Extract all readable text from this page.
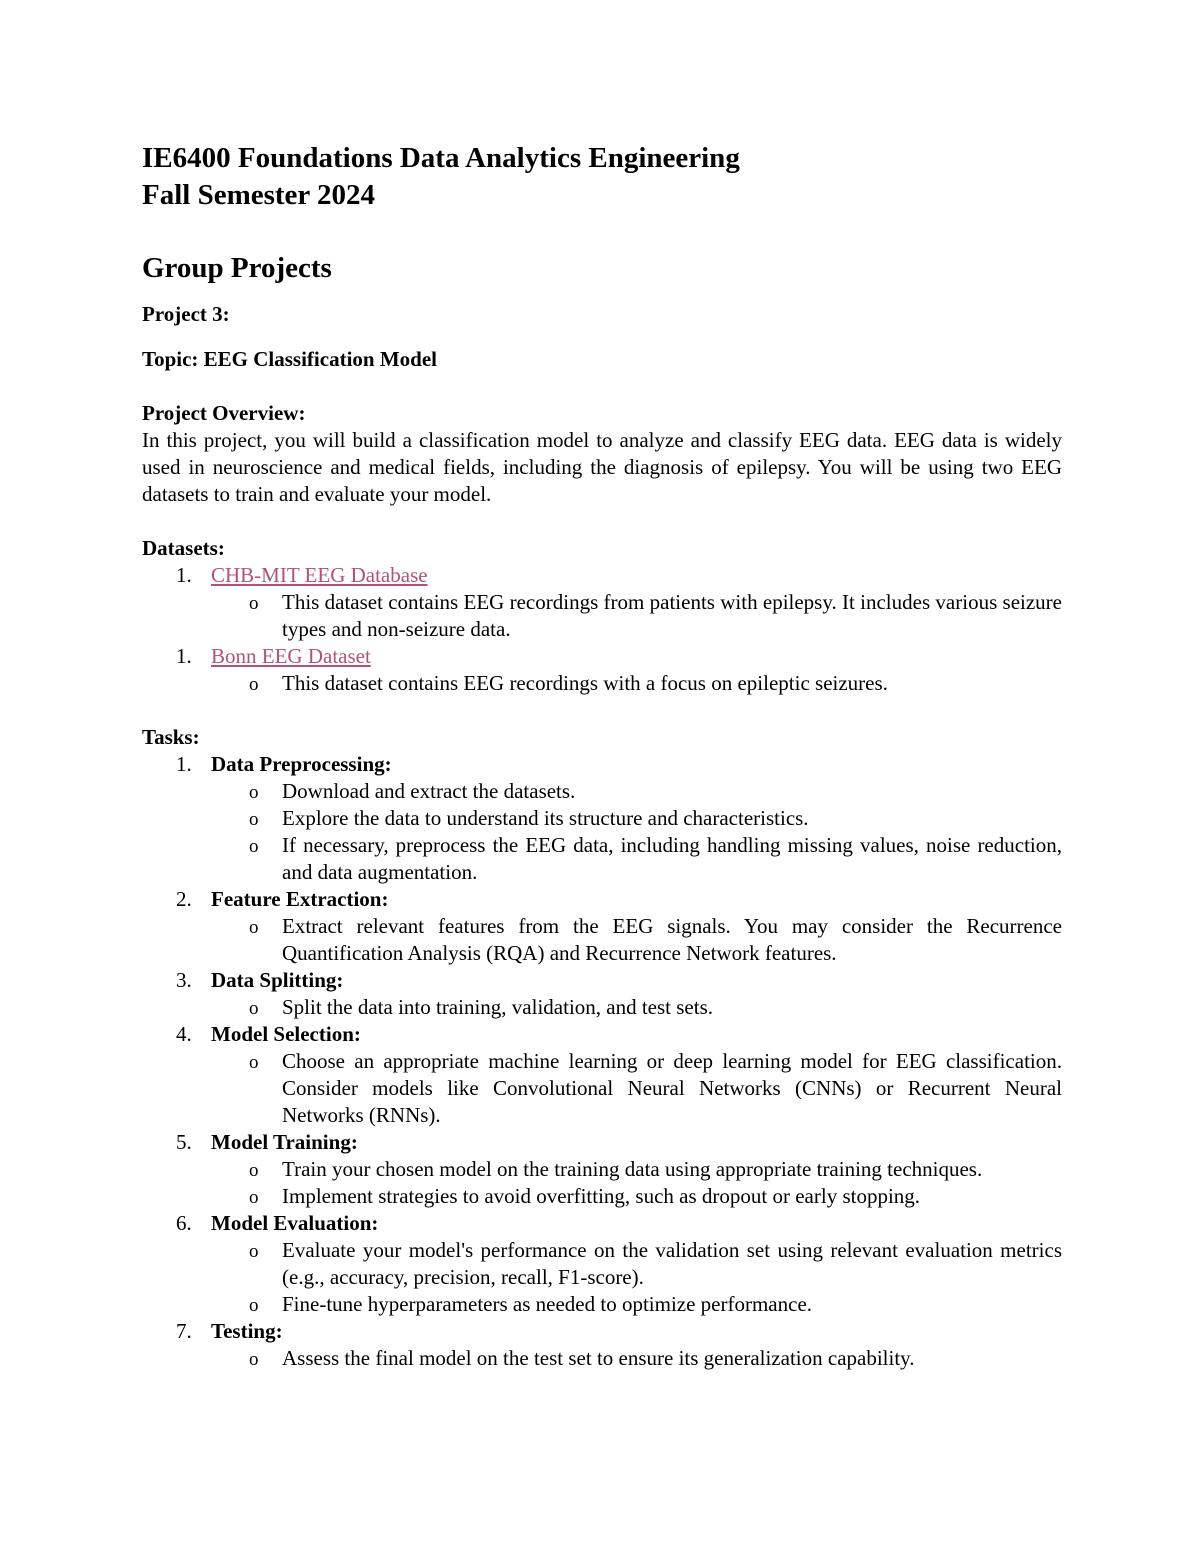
IE6400 Foundations Data Analytics Engineering
Fall Semester 2024
Group Projects

Project 3:

Topic: EEG Classification Model

Project Overview:

In this project, you will build a classification model to analyze and classify EEG data. EEG data is widely used in neuroscience and medical fields, including the diagnosis of epilepsy. You will be using two EEG datasets to train and evaluate your model.

Datasets:

1. CHB-MIT EEG Database
o This dataset contains EEG recordings from patients with epilepsy. It includes various seizure types and non-seizure data.
1. Bonn EEG Dataset
o This dataset contains EEG recordings with a focus on epileptic seizures.

Tasks:

1. Data Preprocessing:
o Download and extract the datasets.
o Explore the data to understand its structure and characteristics.
o If necessary, preprocess the EEG data, including handling missing values, noise reduction, and data augmentation.
2. Feature Extraction:
o Extract relevant features from the EEG signals. You may consider the Recurrence Quantification Analysis (RQA) and Recurrence Network features.
3. Data Splitting:
o Split the data into training, validation, and test sets.
4. Model Selection:
o Choose an appropriate machine learning or deep learning model for EEG classification. Consider models like Convolutional Neural Networks (CNNs) or Recurrent Neural Networks (RNNs).
5. Model Training:
o Train your chosen model on the training data using appropriate training techniques.
o Implement strategies to avoid overfitting, such as dropout or early stopping.
6. Model Evaluation:
o Evaluate your model's performance on the validation set using relevant evaluation metrics (e.g., accuracy, precision, recall, F1-score).
o Fine-tune hyperparameters as needed to optimize performance.
7. Testing:
o Assess the final model on the test set to ensure its generalization capability.
